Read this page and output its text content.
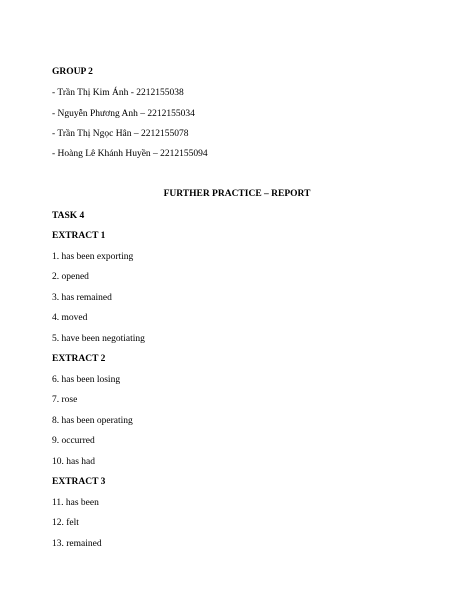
GROUP 2
- Trần Thị Kim Ánh - 2212155038
- Nguyễn Phương Anh – 2212155034
- Trần Thị Ngọc Hân – 2212155078
- Hoàng Lê Khánh Huyền – 2212155094
FURTHER PRACTICE – REPORT
TASK 4
EXTRACT 1
1. has been exporting
2. opened
3. has remained
4. moved
5. have been negotiating
EXTRACT 2
6. has been losing
7. rose
8. has been operating
9. occurred
10. has had
EXTRACT 3
11. has been
12. felt
13. remained
